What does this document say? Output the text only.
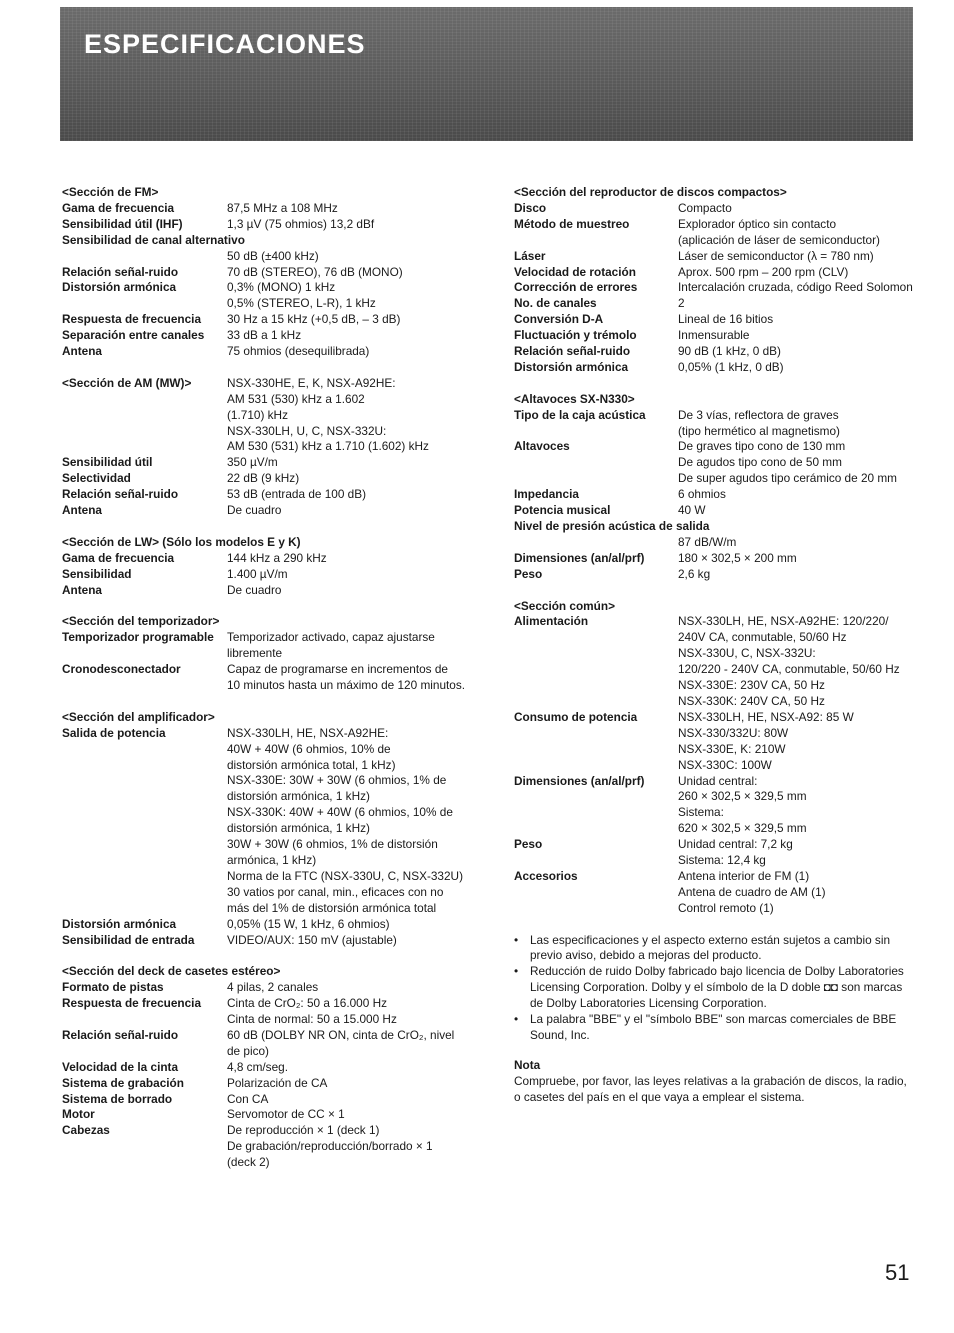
ESPECIFICACIONES
<Sección de FM>
Gama de frecuencia	87,5 MHz a 108 MHz
Sensibilidad útil (IHF)	1,3 µV (75 ohmios) 13,2 dBf
Sensibilidad de canal alternativo
50 dB (±400 kHz)
Relación señal-ruido	70 dB (STEREO), 76 dB (MONO)
Distorsión armónica	0,3% (MONO) 1 kHz
0,5% (STEREO, L-R), 1 kHz
Respuesta de frecuencia	30 Hz a 15 kHz (+0,5 dB, – 3 dB)
Separación entre canales	33 dB a 1 kHz
Antena	75 ohmios (desequilibrada)
<Sección de AM (MW)>	NSX-330HE, E, K, NSX-A92HE:
AM 531 (530) kHz a 1.602
(1.710) kHz
NSX-330LH, U, C, NSX-332U:
AM 530 (531) kHz a 1.710 (1.602) kHz
Sensibilidad útil	350 µV/m
Selectividad	22 dB (9 kHz)
Relación señal-ruido	53 dB (entrada de 100 dB)
Antena	De cuadro
<Sección de LW> (Sólo los modelos E y K)
Gama de frecuencia	144 kHz a 290 kHz
Sensibilidad	1.400 µV/m
Antena	De cuadro
<Sección del temporizador>
Temporizador programable	Temporizador activado, capaz ajustarse
libremente
Cronodesconectador	Capaz de programarse en incrementos de
10 minutos hasta un máximo de 120 minutos.
<Sección del amplificador>
Salida de potencia	NSX-330LH, HE, NSX-A92HE:
40W + 40W (6 ohmios, 10% de
distorsión armónica total, 1 kHz)
NSX-330E: 30W + 30W (6 ohmios, 1% de
distorsión armónica, 1 kHz)
NSX-330K: 40W + 40W (6 ohmios, 10% de
distorsión armónica, 1 kHz)
30W + 30W (6 ohmios, 1% de distorsión
armónica, 1 kHz)
Norma de la FTC (NSX-330U, C, NSX-332U)
30 vatios por canal, min., eficaces con no
más del 1% de distorsión armónica total
Distorsión armónica	0,05% (15 W, 1 kHz, 6 ohmios)
Sensibilidad de entrada	VIDEO/AUX: 150 mV (ajustable)
<Sección del deck de casetes estéreo>
Formato de pistas	4 pilas, 2 canales
Respuesta de frecuencia	Cinta de CrO₂: 50 a 16.000 Hz
Cinta de normal: 50 a 15.000 Hz
Relación señal-ruido	60 dB (DOLBY NR ON, cinta de CrO₂, nivel
de pico)
Velocidad de la cinta	4,8 cm/seg.
Sistema de grabación	Polarización de CA
Sistema de borrado	Con CA
Motor	Servomotor de CC × 1
Cabezas	De reproducción × 1 (deck 1)
De grabación/reproducción/borrado × 1
(deck 2)
<Sección del reproductor de discos compactos>
Disco	Compacto
Método de muestreo	Explorador óptico sin contacto
(aplicación de láser de semiconductor)
Láser	Láser de semiconductor (λ = 780 nm)
Velocidad de rotación	Aprox. 500 rpm – 200 rpm (CLV)
Corrección de errores	Intercalación cruzada, código Reed Solomon
No. de canales	2
Conversión D-A	Lineal de 16 bitios
Fluctuación y trémolo	Inmensurable
Relación señal-ruido	90 dB (1 kHz, 0 dB)
Distorsión armónica	0,05% (1 kHz, 0 dB)
<Altavoces SX-N330>
Tipo de la caja acústica	De 3 vías, reflectora de graves
(tipo hermético al magnetismo)
Altavoces	De graves tipo cono de 130 mm
De agudos tipo cono de 50 mm
De super agudos tipo cerámico de 20 mm
Impedancia	6 ohmios
Potencia musical	40 W
Nivel de presión acústica de salida
87 dB/W/m
Dimensiones (an/al/prf)	180 × 302,5 × 200 mm
Peso	2,6 kg
<Sección común>
Alimentación	NSX-330LH, HE, NSX-A92HE: 120/220/
240V CA, conmutable, 50/60 Hz
NSX-330U, C, NSX-332U:
120/220 - 240V CA, conmutable, 50/60 Hz
NSX-330E: 230V CA, 50 Hz
NSX-330K: 240V CA, 50 Hz
Consumo de potencia	NSX-330LH, HE, NSX-A92: 85 W
NSX-330/332U: 80W
NSX-330E, K: 210W
NSX-330C: 100W
Dimensiones (an/al/prf)	Unidad central:
260 × 302,5 × 329,5 mm
Sistema:
620 × 302,5 × 329,5 mm
Peso	Unidad central: 7,2 kg
Sistema: 12,4 kg
Accesorios	Antena interior de FM (1)
Antena de cuadro de AM (1)
Control remoto (1)
•	Las especificaciones y el aspecto externo están sujetos a cambio sin
previo aviso, debido a mejoras del producto.
•	Reducción de ruido Dolby fabricado bajo licencia de Dolby Laboratories
Licensing Corporation. Dolby y el símbolo de la D doble ◘◘ son marcas
de Dolby Laboratories Licensing Corporation.
•	La palabra "BBE" y el "símbolo BBE" son marcas comerciales de BBE
Sound, Inc.
Nota
Compruebe, por favor, las leyes relativas a la grabación de discos, la radio,
o casetes del país en el que vaya a emplear el sistema.
51
